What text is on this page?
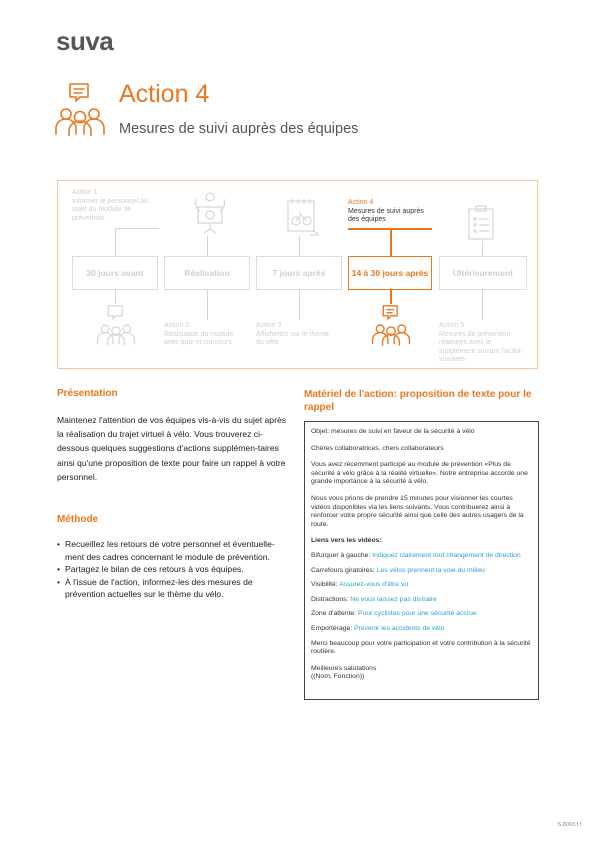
suva
Action 4
Mesures de suivi auprès des équipes
Action 1
Informer le personnel au sujet du module de prévention
Action 4
Mesures de suivi auprès des équipes
30 jours avant	Réalisation	7 jours après	14 à 30 jours après	Ultérieurement
Action 2
Réalisation du module avec quiz et concours
Action 3
Affichettes sur le thème du vélo
Action 5
Mesures de prévention réalisées avec le supplément suivant l'action suivante
Présentation

Maintenez l'attention de vos équipes vis-à-vis du sujet après la réalisation du trajet virtuel à vélo. Vous trouverez ci-dessous quelques suggestions d'actions supplémen-taires ainsi qu'une proposition de texte pour faire un rappel à votre personnel.

Méthode
• Recueillez les retours de votre personnel et éventuelle-ment des cadres concernant le module de prévention.
• Partagez le bilan de ces retours à vos équipes.
• À l'issue de l'action, informez-les des mesures de prévention actuelles sur le thème du vélo.
Matériel de l'action: proposition de texte pour le rappel

Objet: mesures de suivi en faveur de la sécurité à vélo

Chères collaboratrices, chers collaborateurs

Vous avez récemment participé au module de prévention «Plus de sécurité à vélo grâce à la réalité virtuelle». Notre entreprise accorde une grande importance à la sécurité à vélo.

Nous vous prions de prendre 15 minutes pour visionner les courtes vidéos disponibles via les liens suivants. Vous contribuerez ainsi à renforcer votre propre sécurité ainsi que celle des autres usagers de la route.

Liens vers les vidéos:

Bifurquer à gauche: Indiquez clairement tout changement de direction

Carrefours giratoires: Les vélos prennent la voie du milieu

Visibilité: Assurez-vous d'être vu

Distractions: Ne vous laissez pas distraire

Zone d'attente: Pour cyclistes pour une sécurité accrue

Emportérage: Prévenir les accidents de vélo

Merci beaucoup pour votre participation et votre contribution à la sécurité routière.

Meilleures salutations

((Nom, Fonction))

S 8003.f.f
